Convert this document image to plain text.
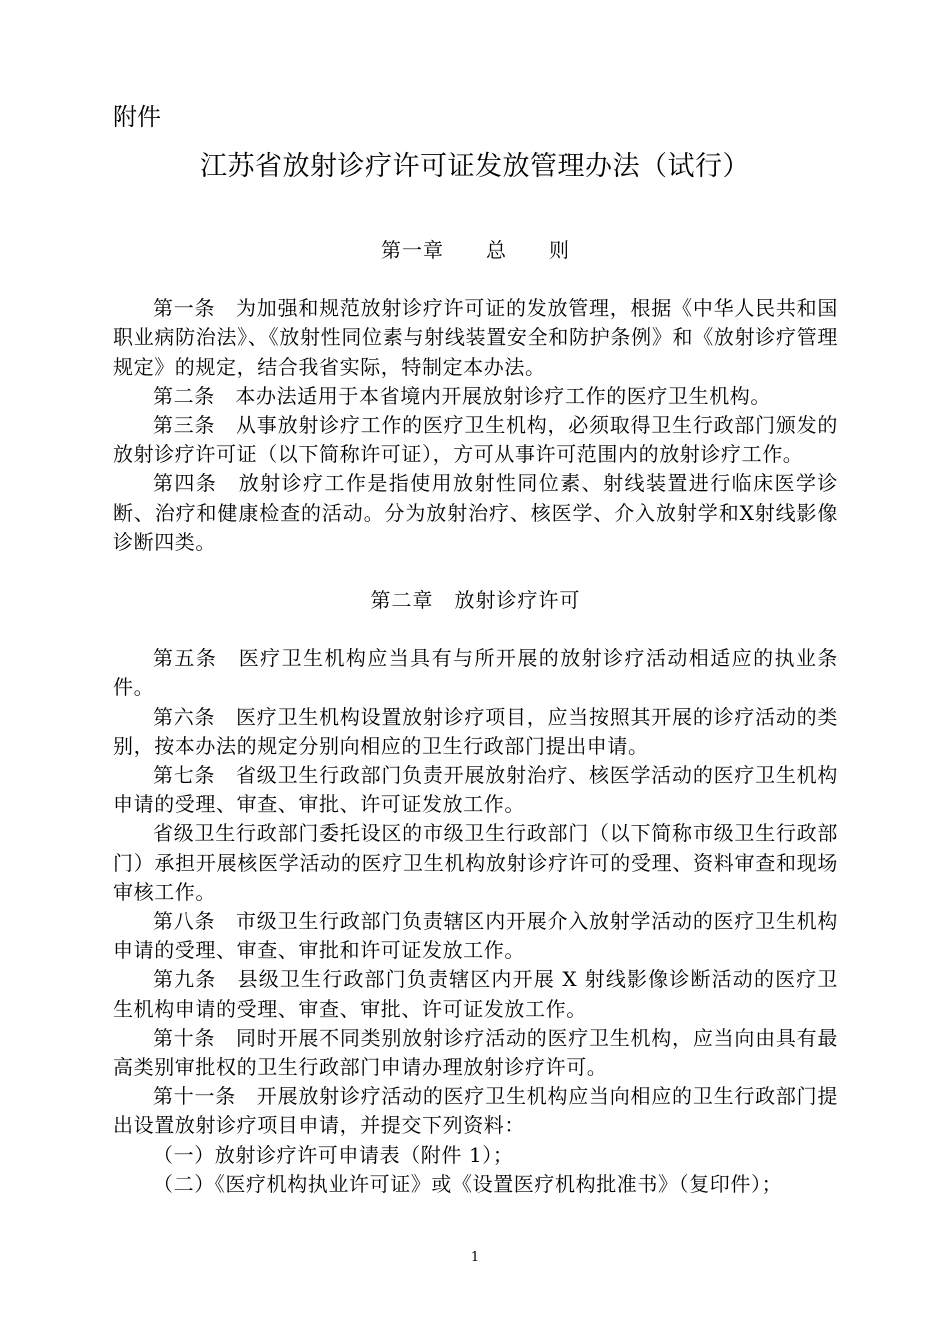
附件
江苏省放射诊疗许可证发放管理办法（试行）

第一章　　总　　则

第一条　为加强和规范放射诊疗许可证的发放管理，根据《中华人民共和国职业病防治法》、《放射性同位素与射线装置安全和防护条例》和《放射诊疗管理规定》的规定，结合我省实际，特制定本办法。

第二条　本办法适用于本省境内开展放射诊疗工作的医疗卫生机构。

第三条　从事放射诊疗工作的医疗卫生机构，必须取得卫生行政部门颁发的放射诊疗许可证（以下简称许可证），方可从事许可范围内的放射诊疗工作。

第四条　放射诊疗工作是指使用放射性同位素、射线装置进行临床医学诊断、治疗和健康检查的活动。分为放射治疗、核医学、介入放射学和X射线影像诊断四类。

第二章　放射诊疗许可

第五条　医疗卫生机构应当具有与所开展的放射诊疗活动相适应的执业条件。

第六条　医疗卫生机构设置放射诊疗项目，应当按照其开展的诊疗活动的类别，按本办法的规定分别向相应的卫生行政部门提出申请。

第七条　省级卫生行政部门负责开展放射治疗、核医学活动的医疗卫生机构申请的受理、审查、审批、许可证发放工作。

省级卫生行政部门委托设区的市级卫生行政部门（以下简称市级卫生行政部门）承担开展核医学活动的医疗卫生机构放射诊疗许可的受理、资料审查和现场审核工作。

第八条　市级卫生行政部门负责辖区内开展介入放射学活动的医疗卫生机构申请的受理、审查、审批和许可证发放工作。

第九条　县级卫生行政部门负责辖区内开展 X 射线影像诊断活动的医疗卫生机构申请的受理、审查、审批、许可证发放工作。

第十条　同时开展不同类别放射诊疗活动的医疗卫生机构，应当向由具有最高类别审批权的卫生行政部门申请办理放射诊疗许可。

第十一条　开展放射诊疗活动的医疗卫生机构应当向相应的卫生行政部门提出设置放射诊疗项目申请，并提交下列资料：

（一）放射诊疗许可申请表（附件 1）；

（二）《医疗机构执业许可证》或《设置医疗机构批准书》（复印件）；

1
